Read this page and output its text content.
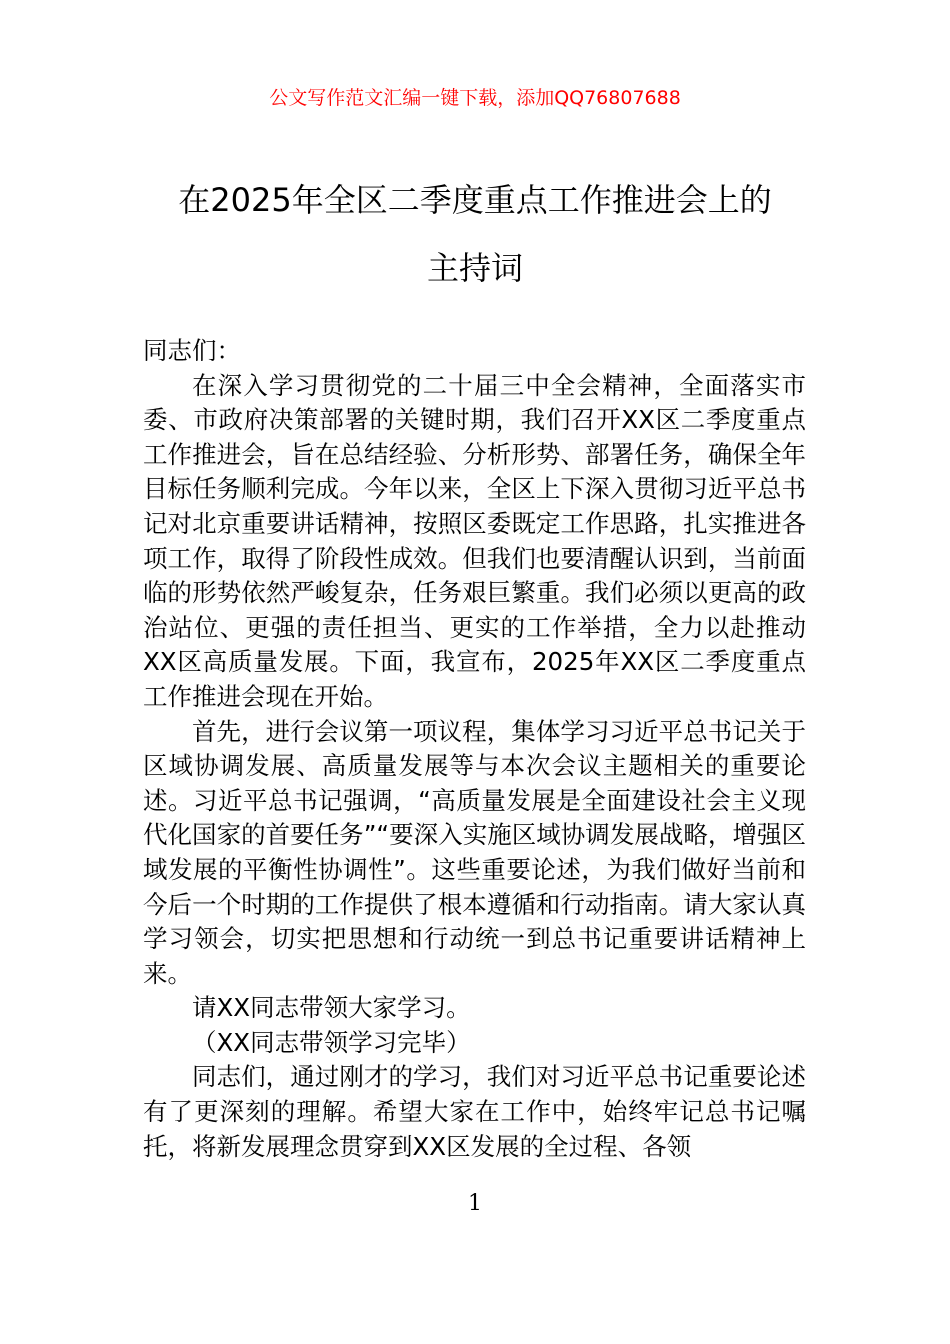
公文写作范文汇编一键下载，添加QQ76807688
在2025年全区二季度重点工作推进会上的
主持词

同志们：

在深入学习贯彻党的二十届三中全会精神，全面落实市委、市政府决策部署的关键时期，我们召开XX区二季度重点工作推进会，旨在总结经验、分析形势、部署任务，确保全年目标任务顺利完成。今年以来，全区上下深入贯彻习近平总书记对北京重要讲话精神，按照区委既定工作思路，扎实推进各项工作，取得了阶段性成效。但我们也要清醒认识到，当前面临的形势依然严峻复杂，任务艰巨繁重。我们必须以更高的政治站位、更强的责任担当、更实的工作举措，全力以赴推动XX区高质量发展。下面，我宣布，2025年XX区二季度重点工作推进会现在开始。

首先，进行会议第一项议程，集体学习习近平总书记关于区域协调发展、高质量发展等与本次会议主题相关的重要论述。习近平总书记强调，“高质量发展是全面建设社会主义现代化国家的首要任务”“要深入实施区域协调发展战略，增强区域发展的平衡性协调性”。这些重要论述，为我们做好当前和今后一个时期的工作提供了根本遵循和行动指南。请大家认真学习领会，切实把思想和行动统一到总书记重要讲话精神上来。

请XX同志带领大家学习。

（XX同志带领学习完毕）

同志们，通过刚才的学习，我们对习近平总书记重要论述有了更深刻的理解。希望大家在工作中，始终牢记总书记嘱托，将新发展理念贯穿到XX区发展的全过程、各领

1
